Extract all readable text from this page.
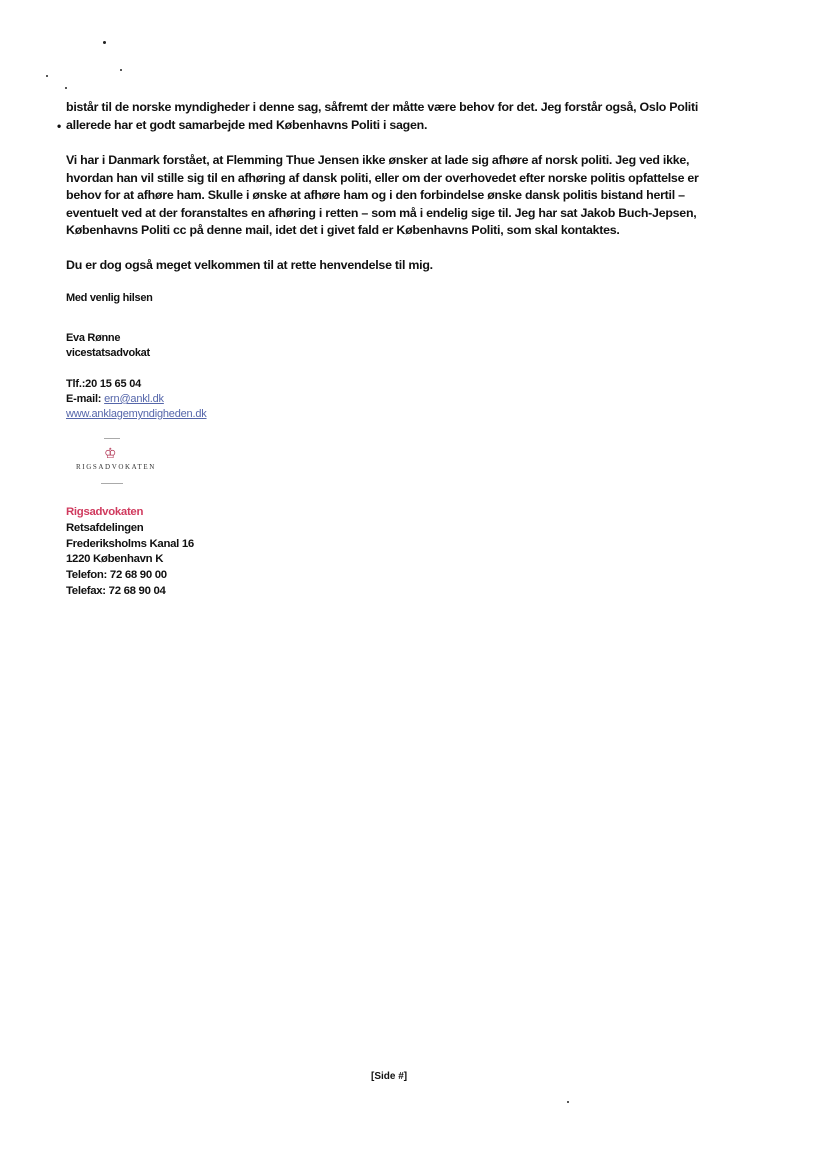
•
bistår til de norske myndigheder i denne sag, såfremt der måtte være behov for det. Jeg forstår også, Oslo Politi
allerede har et godt samarbejde med Københavns Politi i sagen.
Vi har i Danmark forstået, at Flemming Thue Jensen ikke ønsker at lade sig afhøre af norsk politi. Jeg ved ikke,
hvordan han vil stille sig til en afhøring af dansk politi, eller om der overhovedet efter norske politis opfattelse er
behov for at afhøre ham. Skulle i ønske at afhøre ham og i den forbindelse ønske dansk politis bistand hertil –
eventuelt ved at der foranstaltes en afhøring i retten – som må i endelig sige til. Jeg har sat Jakob Buch-Jepsen,
Københavns Politi cc på denne mail, idet det i givet fald er Københavns Politi, som skal kontaktes.
Du er dog også meget velkommen til at rette henvendelse til mig.
Med venlig hilsen
Eva Rønne
vicestatsadvokat
Tlf.:20 15 65 04
E-mail: ern@ankl.dk
www.anklagemyndigheden.dk
♔
RIGSADVOKATEN
Rigsadvokaten
Retsafdelingen
Frederiksholms Kanal 16
1220 København K
Telefon: 72 68 90 00
Telefax: 72 68 90 04
[Side #]
